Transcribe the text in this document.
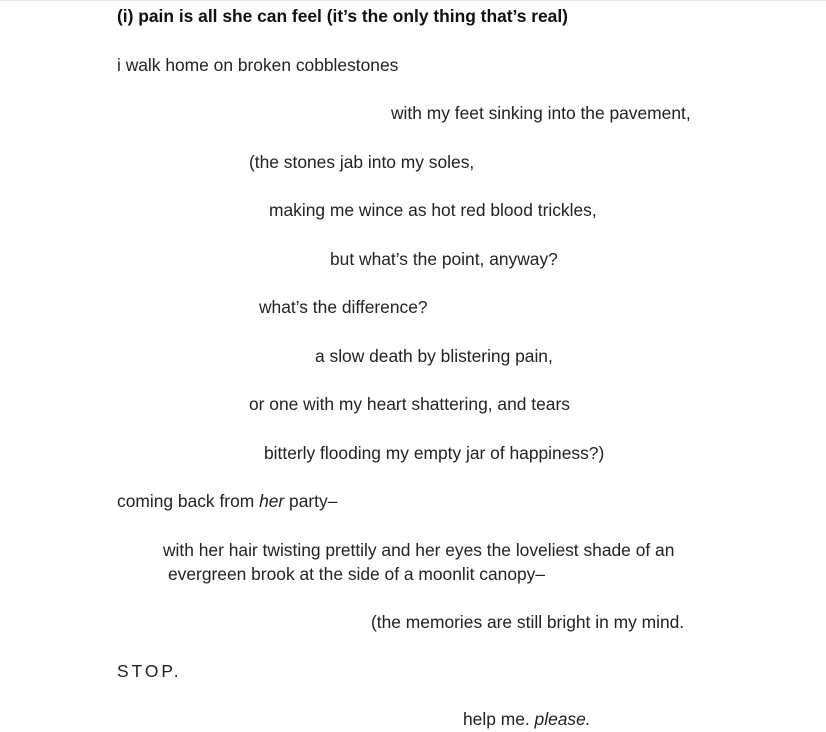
(i) pain is all she can feel (it’s the only thing that’s real)
i walk home on broken cobblestones
with my feet sinking into the pavement,
(the stones jab into my soles,
making me wince as hot red blood trickles,
but what’s the point, anyway?
what’s the difference?
a slow death by blistering pain,
or one with my heart shattering, and tears
bitterly flooding my empty jar of happiness?)
coming back from her party–
with her hair twisting prettily and her eyes the loveliest shade of an
evergreen brook at the side of a moonlit canopy–
(the memories are still bright in my mind.
STOP.
help me. please.
